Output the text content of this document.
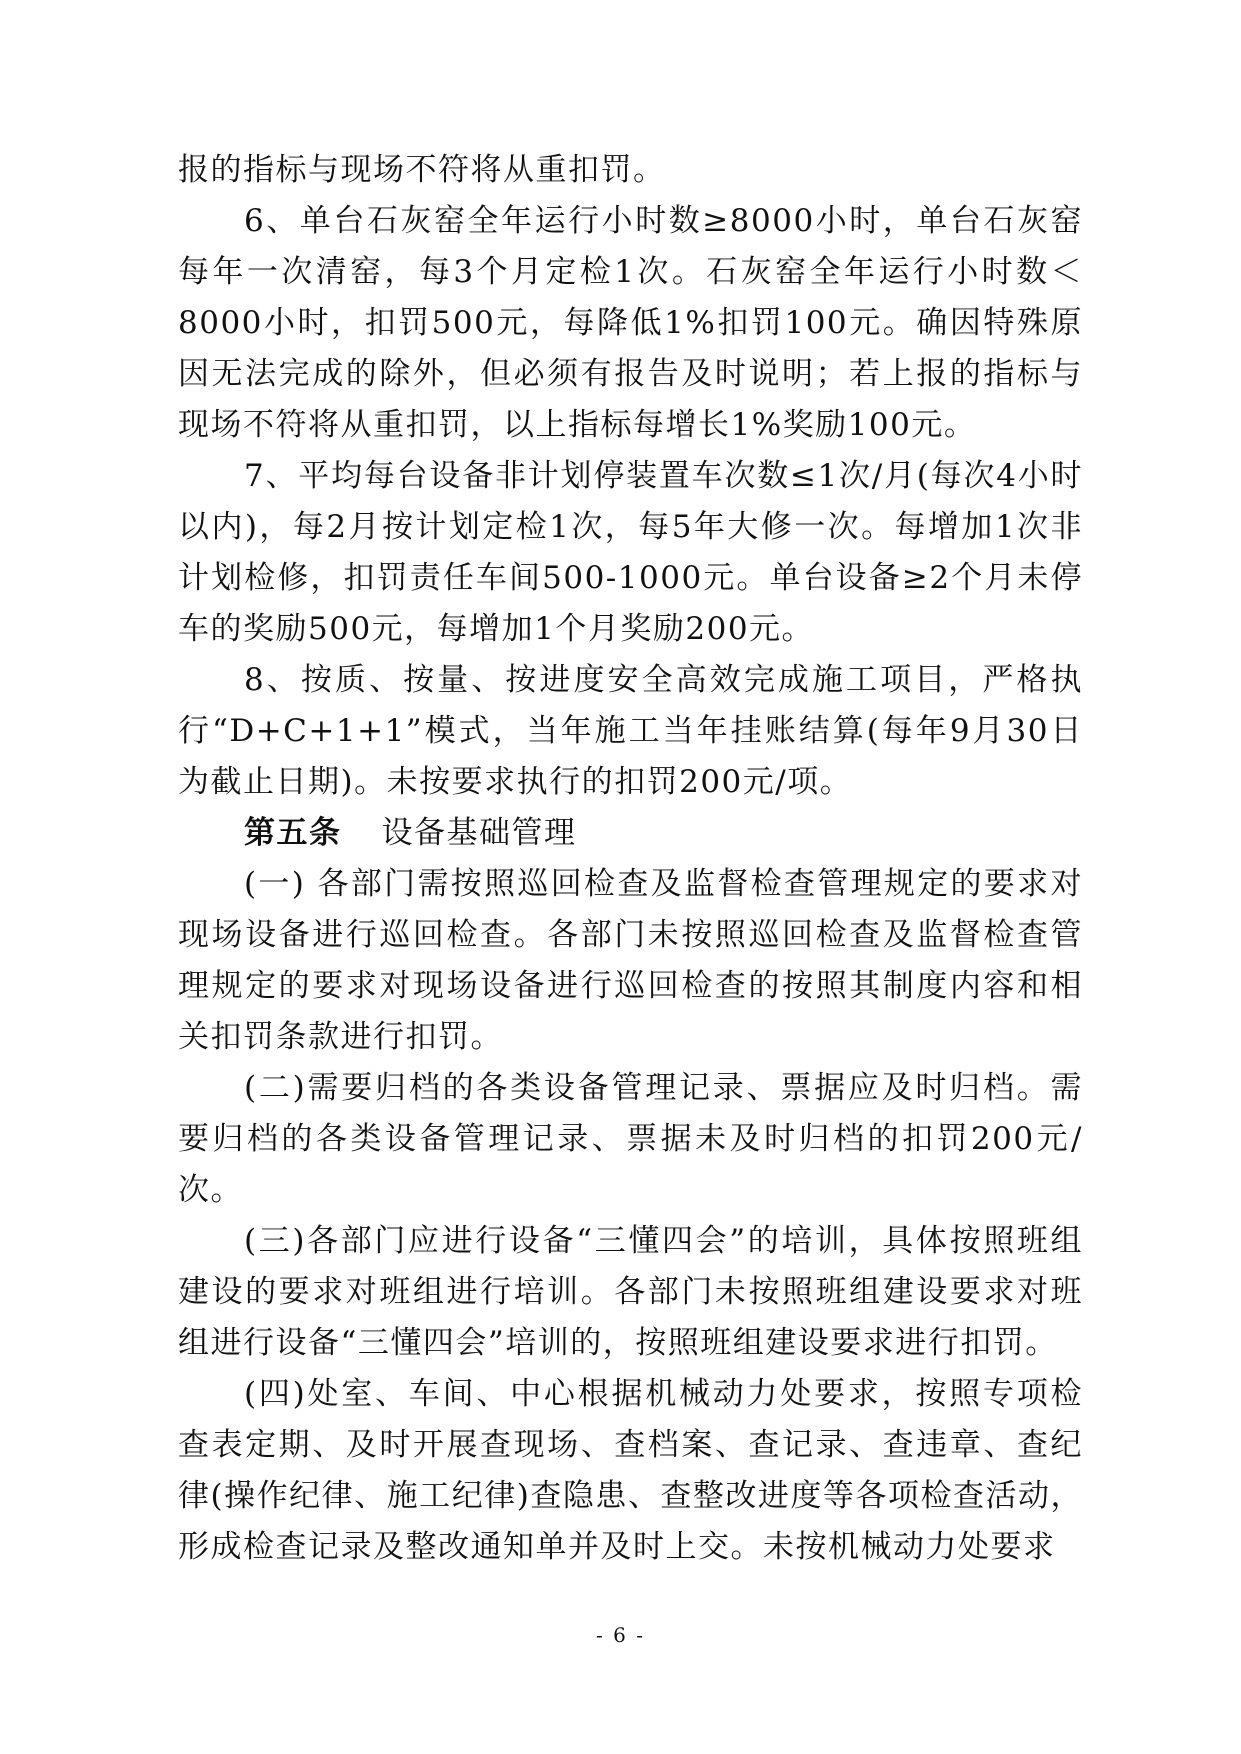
报的指标与现场不符将从重扣罚。

6、单台石灰窑全年运行小时数≥8000小时，单台石灰窑每年一次清窑，每3个月定检1次。石灰窑全年运行小时数＜8000小时，扣罚500元，每降低1%扣罚100元。确因特殊原因无法完成的除外，但必须有报告及时说明；若上报的指标与现场不符将从重扣罚，以上指标每增长1%奖励100元。

7、平均每台设备非计划停装置车次数≤1次/月(每次4小时以内)，每2月按计划定检1次，每5年大修一次。每增加1次非计划检修，扣罚责任车间500-1000元。单台设备≥2个月未停车的奖励500元，每增加1个月奖励200元。

8、按质、按量、按进度安全高效完成施工项目，严格执行“D+C+1+1”模式，当年施工当年挂账结算(每年9月30日为截止日期)。未按要求执行的扣罚200元/项。

第五条 设备基础管理

(一) 各部门需按照巡回检查及监督检查管理规定的要求对现场设备进行巡回检查。各部门未按照巡回检查及监督检查管理规定的要求对现场设备进行巡回检查的按照其制度内容和相关扣罚条款进行扣罚。

(二)需要归档的各类设备管理记录、票据应及时归档。需要归档的各类设备管理记录、票据未及时归档的扣罚200元/次。

(三)各部门应进行设备“三懂四会”的培训，具体按照班组建设的要求对班组进行培训。各部门未按照班组建设要求对班组进行设备“三懂四会”培训的，按照班组建设要求进行扣罚。

(四)处室、车间、中心根据机械动力处要求，按照专项检查表定期、及时开展查现场、查档案、查记录、查违章、查纪律(操作纪律、施工纪律)查隐患、查整改进度等各项检查活动，形成检查记录及整改通知单并及时上交。未按机械动力处要求

- 6 -
